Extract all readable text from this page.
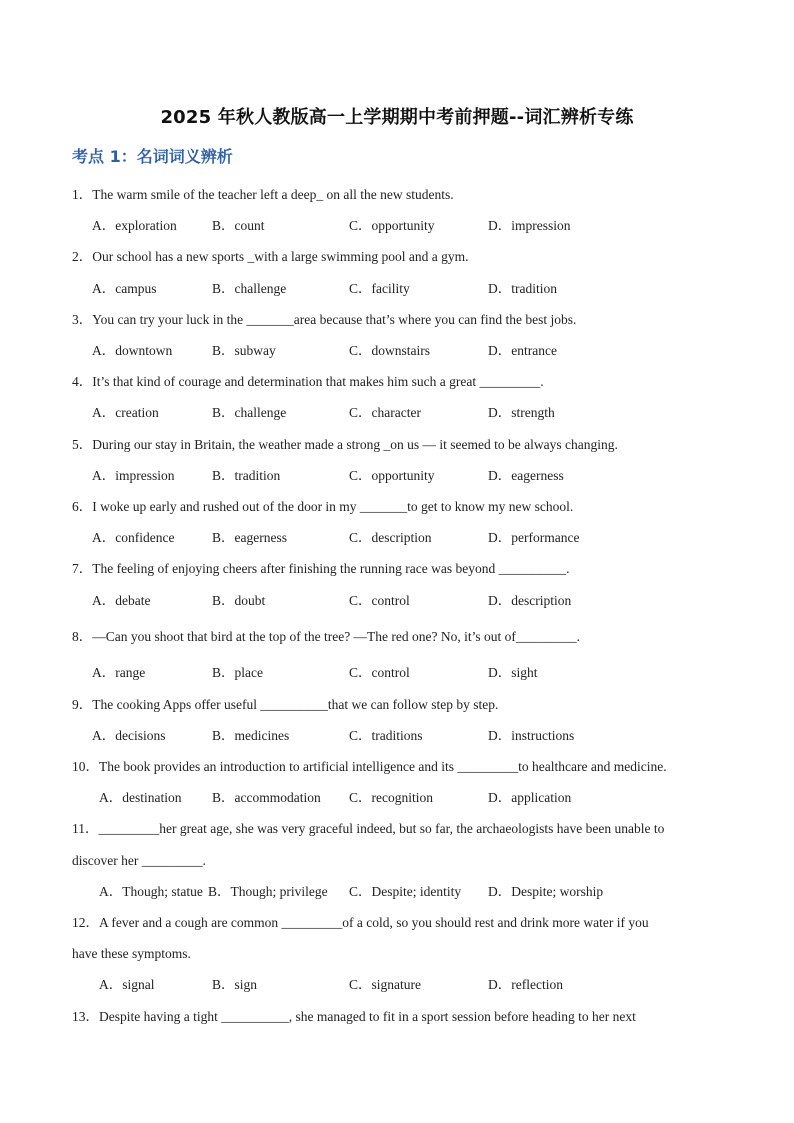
2025 年秋人教版高一上学期期中考前押题--词汇辨析专练
考点 1：名词词义辨析
1．The warm smile of the teacher left a deep_ on all the new students.
A．exploration	B．count	C．opportunity	D．impression
2．Our school has a new sports _with a large swimming pool and a gym.
A．campus	B．challenge	C．facility	D．tradition
3．You can try your luck in the _______area because that’s where you can find the best jobs.
A．downtown	B．subway	C．downstairs	D．entrance
4．It’s that kind of courage and determination that makes him such a great _________.
A．creation	B．challenge	C．character	D．strength
5．During our stay in Britain, the weather made a strong _on us — it seemed to be always changing.
A．impression	B．tradition	C．opportunity	D．eagerness
6．I woke up early and rushed out of the door in my _______to get to know my new school.
A．confidence	B．eagerness	C．description	D．performance
7．The feeling of enjoying cheers after finishing the running race was beyond __________.
A．debate	B．doubt	C．control	D．description
8．—Can you shoot that bird at the top of the tree? —The red one? No, it’s out of_________.
A．range	B．place	C．control	D．sight
9．The cooking Apps offer useful __________that we can follow step by step.
A．decisions	B．medicines	C．traditions	D．instructions
10．The book provides an introduction to artificial intelligence and its _________to healthcare and medicine.
A．destination B．accommodation C．recognition	D．application
11．_________her great age, she was very graceful indeed, but so far, the archaeologists have been unable to
discover her _________.
A．Though; statue B．Though; privilege C．Despite; identity D．Despite; worship
12．A fever and a cough are common _________of a cold, so you should rest and drink more water if you
have these symptoms.
A．signal	B．sign	C．signature	D．reflection
13．Despite having a tight __________, she managed to fit in a sport session before heading to her next
